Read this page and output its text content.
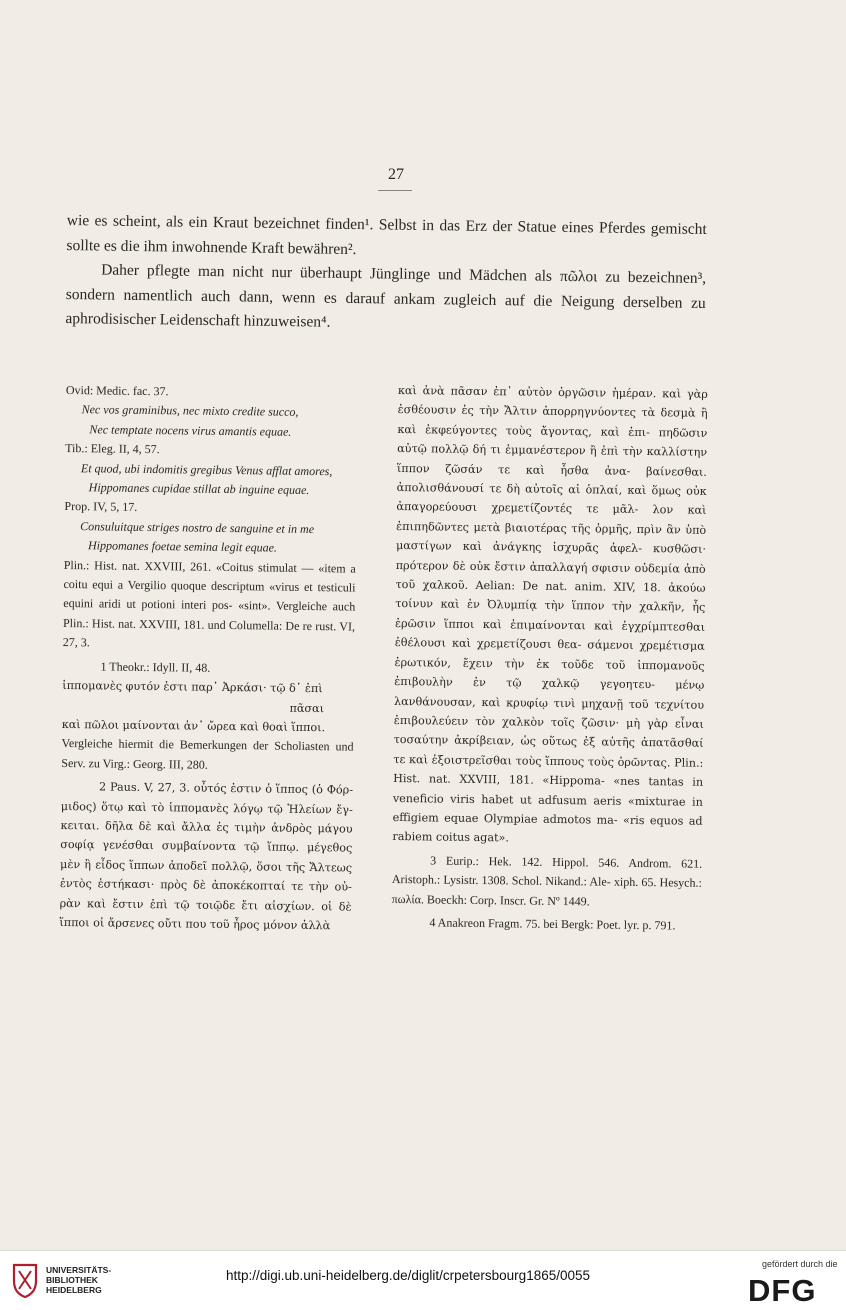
27

wie es scheint, als ein Kraut bezeichnet finden¹. Selbst in das Erz der Statue eines Pferdes gemischt sollte es die ihm inwohnende Kraft bewähren².

Daher pflegte man nicht nur überhaupt Jünglinge und Mädchen als πῶλοι zu bezeichnen³, sondern namentlich auch dann, wenn es darauf ankam zugleich auf die Neigung derselben zu aphrodisischer Leidenschaft hinzuweisen⁴.

Ovid: Medic. fac. 37.

Nec vos graminibus, nec mixto credite succo,

Nec temptate nocens virus amantis equae.

Tib.: Eleg. II, 4, 57.

Et quod, ubi indomitis gregibus Venus afflat amores,

Hippomanes cupidae stillat ab inguine equae.

Prop. IV, 5, 17.

Consuluitque striges nostro de sanguine et in me

Hippomanes foetae semina legit equae.

Plin.: Hist. nat. XXVIII, 261. «Coitus stimulat — «item a coitu equi a Vergilio quoque descriptum «virus et testiculi equini aridi ut potioni interi pos- «sint». Vergleiche auch Plin.: Hist. nat. XXVIII, 181. und Columella: De re rust. VI, 27, 3.

1 Theokr.: Idyll. II, 48.

ἱππομανὲς φυτόν ἐστι παρ᾽ Ἀρκάσι· τῷ δ᾽ ἐπὶ

πᾶσαι

καὶ πῶλοι μαίνονται ἀν᾽ ὤρεα καὶ θοαὶ ἵπποι.

Vergleiche hiermit die Bemerkungen der Scholiasten und Serv. zu Virg.: Georg. III, 280.

2 Paus. V, 27, 3. οὗτός ἐστιν ὁ ἵππος (ὁ Φόρ- μιδος) ὅτῳ καὶ τὸ ἱππομανὲς λόγῳ τῷ Ἠλείων ἔγ- κειται. δῆλα δὲ καὶ ἄλλα ἐς τιμὴν ἀνδρὸς μάγου σοφίᾳ γενέσθαι συμβαίνοντα τῷ ἵππῳ. μέγεθος μὲν ἢ εἶδος ἵππων ἀποδεῖ πολλῷ, ὅσοι τῆς Ἄλτεως ἐντὸς ἑστήκασι· πρὸς δὲ ἀποκέκοπταί τε τὴν οὐ- ρὰν καὶ ἔστιν ἐπὶ τῷ τοιῷδε ἔτι αἰσχίων. οἱ δὲ ἵπποι οἱ ἄρσενες οὔτι που τοῦ ἦρος μόνον ἀλλὰ

καὶ ἀνὰ πᾶσαν ἐπ᾽ αὐτὸν ὀργῶσιν ἡμέραν. καὶ γὰρ ἐσθέουσιν ἐς τὴν Ἄλτιν ἀπορρηγνύοντες τὰ δεσμὰ ἢ καὶ ἐκφεύγοντες τοὺς ἄγοντας, καὶ ἐπι- πηδῶσιν αὐτῷ πολλῷ δή τι ἐμμανέστερον ἢ ἐπὶ τὴν καλλίστην ἵππον ζῶσάν τε καὶ ἧσθα ἀνα- βαίνεσθαι. ἀπολισθάνουσί τε δὴ αὐτοῖς αἱ ὁπλαί, καὶ ὅμως οὐκ ἀπαγορεύουσι χρεμετίζοντές τε μᾶλ- λον καὶ ἐπιπηδῶντες μετὰ βιαιοτέρας τῆς ὁρμῆς, πρὶν ἂν ὑπὸ μαστίγων καὶ ἀνάγκης ἰσχυρᾶς ἀφελ- κυσθῶσι· πρότερον δὲ οὐκ ἔστιν ἀπαλλαγή σφισιν οὐδεμία ἀπὸ τοῦ χαλκοῦ. Aelian: De nat. anim. XIV, 18. ἀκούω τοίνυν καὶ ἐν Ὀλυμπίᾳ τὴν ἵππον τὴν χαλκῆν, ἧς ἐρῶσιν ἵπποι καὶ ἐπιμαίνονται καὶ ἐγχρίμπτεσθαι ἐθέλουσι καὶ χρεμετίζουσι θεα- σάμενοι χρεμέτισμα ἐρωτικόν, ἔχειν τὴν ἐκ τοῦδε τοῦ ἱππομανοῦς ἐπιβουλὴν ἐν τῷ χαλκῷ γεγοητευ- μένῳ λανθάνουσαν, καὶ κρυφίῳ τινὶ μηχανῇ τοῦ τεχνίτου ἐπιβουλεύειν τὸν χαλκὸν τοῖς ζῶσιν· μὴ γὰρ εἶναι τοσαύτην ἀκρίβειαν, ὡς οὕτως ἐξ αὐτῆς ἀπατᾶσθαί τε καὶ ἐξοιστρεῖσθαι τοὺς ἵππους τοὺς ὁρῶντας. Plin.: Hist. nat. XXVIII, 181. «Hippoma- «nes tantas in veneficio viris habet ut adfusum aeris «mixturae in effigiem equae Olympiae admotos ma- «ris equos ad rabiem coitus agat».

3 Eurip.: Hek. 142. Hippol. 546. Androm. 621. Aristoph.: Lysistr. 1308. Schol. Nikand.: Ale- xiph. 65. Hesych.: πωλία. Boeckh: Corp. Inscr. Gr. Nº 1449.

4 Anakreon Fragm. 75. bei Bergk: Poet. lyr. p. 791.

UNIVERSITÄTS-
BIBLIOTHEK
HEIDELBERG
http://digi.ub.uni-heidelberg.de/diglit/crpetersbourg1865/0055
gefördert durch die
DFG
